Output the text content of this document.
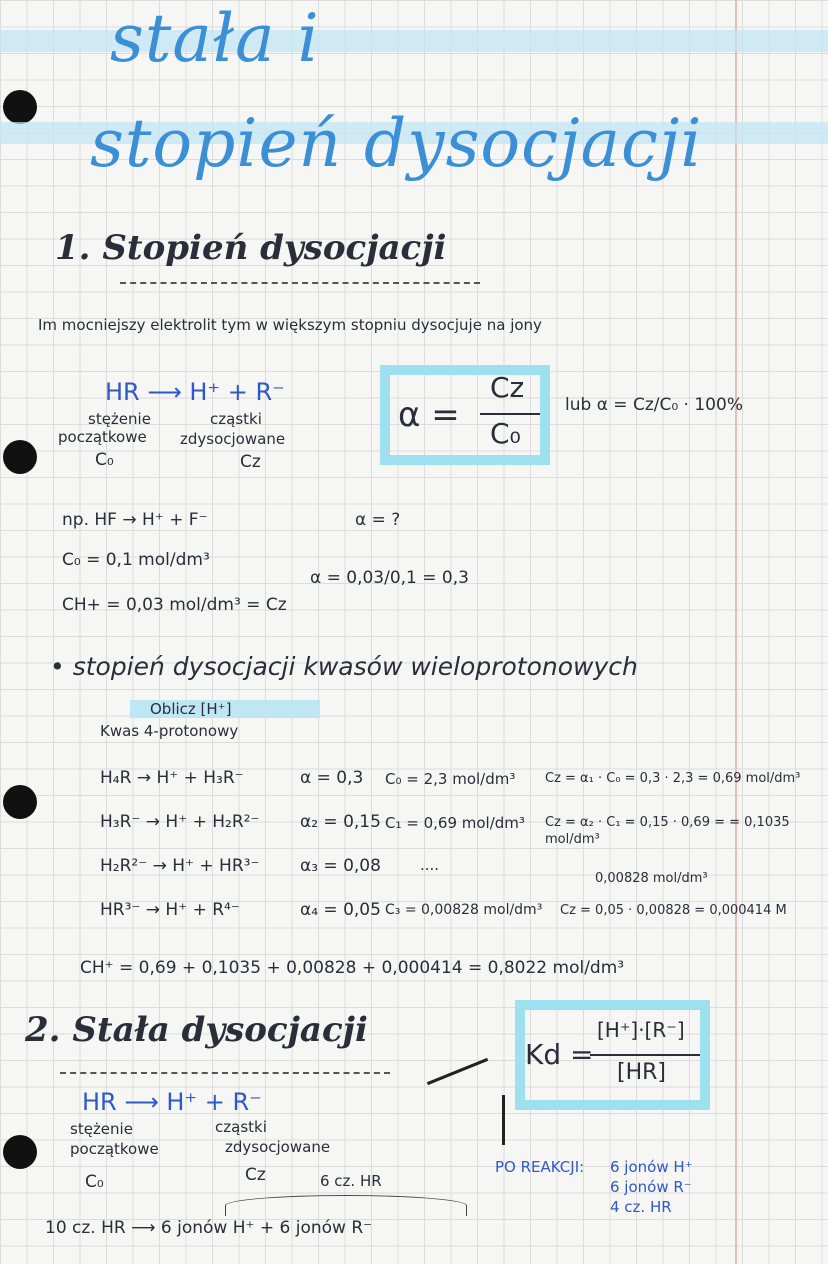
stała i
stopień dysocjacji
1. Stopień dysocjacji
Im mocniejszy elektrolit tym w większym stopniu dysocjuje na jony
HR ⟶ H⁺ + R⁻
stężenie
początkowe
C₀
cząstki
zdysocjowane
Cz
α =
Cz
C₀
lub α = Cz/C₀ · 100%
np. HF → H⁺ + F⁻	α = ?
C₀ = 0,1 mol/dm³
α = 0,03/0,1 = 0,3
CH+ = 0,03 mol/dm³ = Cz
• stopień dysocjacji kwasów wieloprotonowych
Oblicz [H⁺]
Kwas 4-protonowy
H₄R → H⁺ + H₃R⁻	α = 0,3 C₀ = 2,3 mol/dm³ Cz = α₁ · C₀ = 0,3 · 2,3 = 0,69 mol/dm³
H₃R⁻ → H⁺ + H₂R²⁻ α₂ = 0,15 C₁ = 0,69 mol/dm³ Cz = α₂ · C₁ = 0,15 · 0,69 = = 0,1035 mol/dm³
H₂R²⁻ → H⁺ + HR³⁻ α₃ = 0,08	....
0,00828 mol/dm³
HR³⁻ → H⁺ + R⁴⁻	α₄ = 0,05 C₃ = 0,00828 mol/dm³ Cz = 0,05 · 0,00828 = 0,000414 M
CH⁺ = 0,69 + 0,1035 + 0,00828 + 0,000414 = 0,8022 mol/dm³
2. Stała dysocjacji
HR ⟶ H⁺ + R⁻
stężenie
początkowe
C₀
cząstki
zdysocjowane
Cz	6 cz. HR
10 cz. HR ⟶ 6 jonów H⁺ + 6 jonów R⁻
Kd =
[H⁺]·[R⁻]
[HR]
PO REAKCJI: 6 jonów H⁺
6 jonów R⁻
4 cz. HR
